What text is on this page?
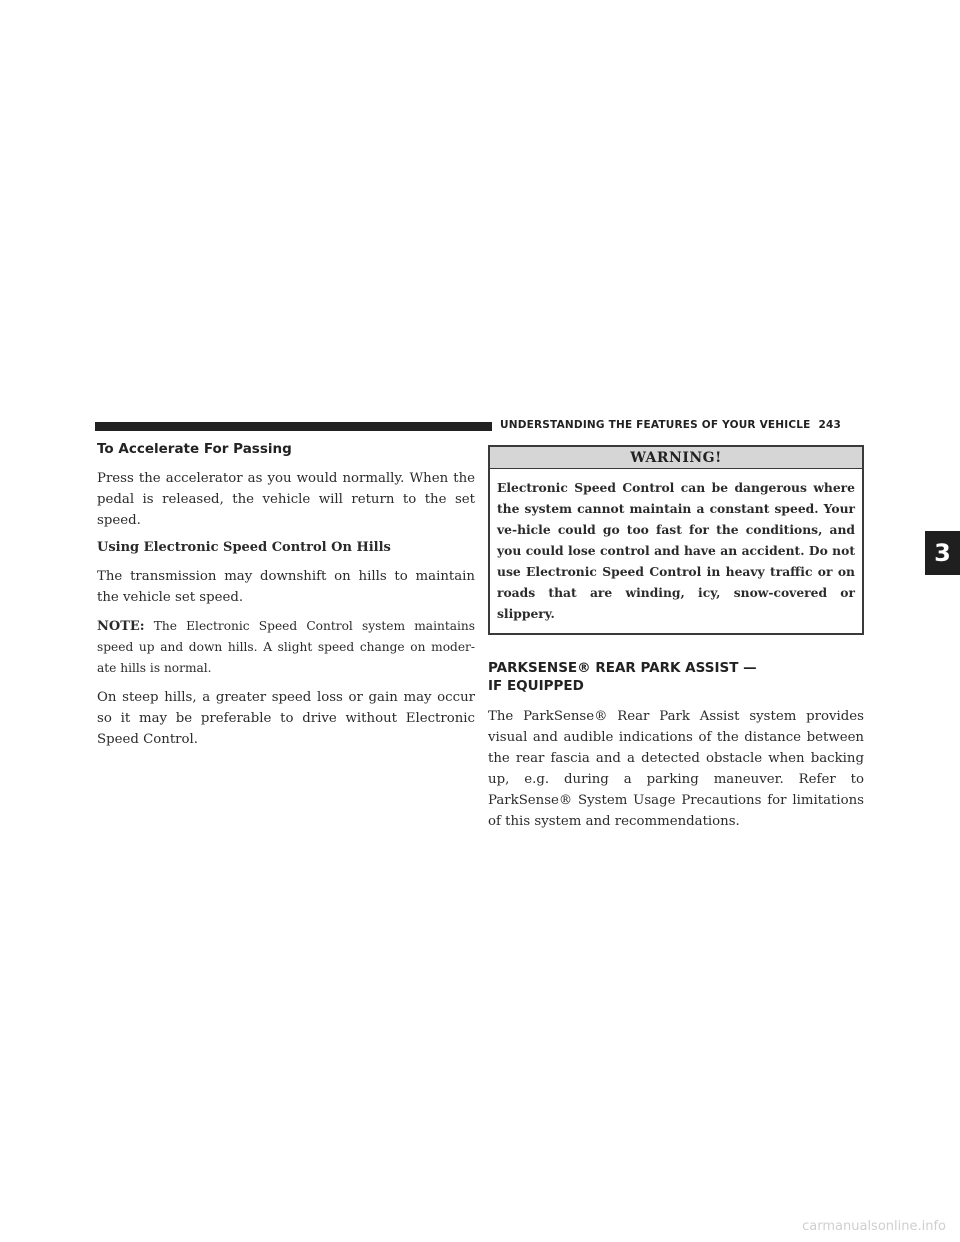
UNDERSTANDING THE FEATURES OF YOUR VEHICLE 243
3
To Accelerate For Passing

Press the accelerator as you would normally. When the pedal is released, the vehicle will return to the set speed.

Using Electronic Speed Control On Hills

The transmission may downshift on hills to maintain the vehicle set speed.

NOTE: The Electronic Speed Control system maintains speed up and down hills. A slight speed change on moder-ate hills is normal.

On steep hills, a greater speed loss or gain may occur so it may be preferable to drive without Electronic Speed Control.

WARNING!
Electronic Speed Control can be dangerous where the system cannot maintain a constant speed. Your ve-hicle could go too fast for the conditions, and you could lose control and have an accident. Do not use Electronic Speed Control in heavy traffic or on roads that are winding, icy, snow-covered or slippery.
PARKSENSE® REAR PARK ASSIST —
IF EQUIPPED

The ParkSense® Rear Park Assist system provides visual and audible indications of the distance between the rear fascia and a detected obstacle when backing up, e.g. during a parking maneuver. Refer to ParkSense® System Usage Precautions for limitations of this system and recommendations.

carmanualsonline.info
